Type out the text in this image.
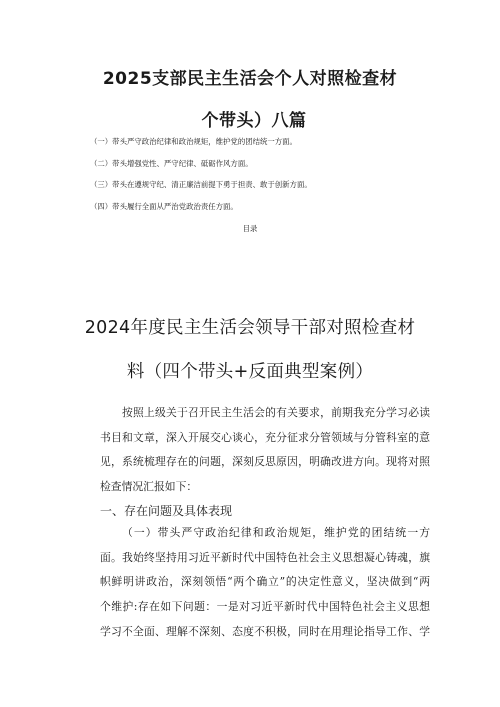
2025支部民主生活会个人对照检查材
个带头）八篇
（一）带头严守政治纪律和政治规矩，维护党的团结统一方面。
（二）带头增强党性、严守纪律、砥砺作风方面。
（三）带头在遵规守纪、清正廉洁前提下勇于担责、敢于创新方面。
（四）带头履行全面从严治党政治责任方面。
目录
2024年度民主生活会领导干部对照检查材
料（四个带头+反面典型案例）
按照上级关于召开民主生活会的有关要求，前期我充分学习必读
书目和文章，深入开展交心谈心，充分征求分管领域与分管科室的意
见，系统梳理存在的问题，深刻反思原因，明确改进方向。现将对照
检查情况汇报如下：
一、存在问题及具体表现
（一）带头严守政治纪律和政治规矩，维护党的团结统一方
面。我始终坚持用习近平新时代中国特色社会主义思想凝心铸魂，旗
帜鲜明讲政治，深刻领悟“两个确立”的决定性意义，坚决做到“两
个维护:存在如下问题：一是对习近平新时代中国特色社会主义思想
学习不全面、理解不深刻、态度不积极，同时在用理论指导工作、学
